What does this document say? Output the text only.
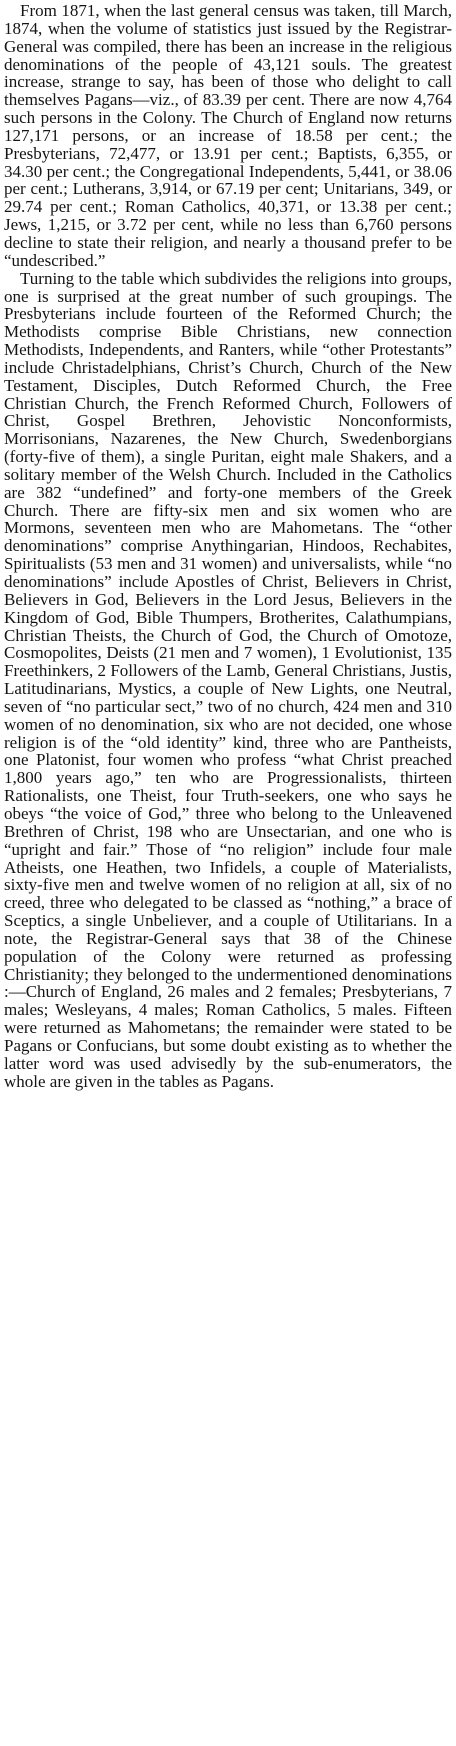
From 1871, when the last general census was taken, till March, 1874, when the volume of statistics just issued by the Registrar-General was compiled, there has been an increase in the religious denominations of the people of 43,121 souls. The greatest increase, strange to say, has been of those who delight to call themselves Pagans—viz., of 83.39 per cent. There are now 4,764 such persons in the Colony. The Church of England now returns 127,171 persons, or an increase of 18.58 per cent.; the Presbyterians, 72,477, or 13.91 per cent.; Baptists, 6,355, or 34.30 per cent.; the Congregational Independents, 5,441, or 38.06 per cent.; Lutherans, 3,914, or 67.19 per cent; Unitarians, 349, or 29.74 per cent.; Roman Catholics, 40,371, or 13.38 per cent.; Jews, 1,215, or 3.72 per cent, while no less than 6,760 persons decline to state their religion, and nearly a thousand prefer to be “undescribed.”

Turning to the table which subdivides the religions into groups, one is surprised at the great number of such groupings. The Presbyterians include fourteen of the Reformed Church; the Methodists comprise Bible Christians, new connection Methodists, Independents, and Ranters, while “other Protestants” include Christadelphians, Christ’s Church, Church of the New Testament, Disciples, Dutch Reformed Church, the Free Christian Church, the French Reformed Church, Followers of Christ, Gospel Brethren, Jehovistic Nonconformists, Morrisonians, Nazarenes, the New Church, Swedenborgians (forty-five of them), a single Puritan, eight male Shakers, and a solitary member of the Welsh Church. Included in the Catholics are 382 “undefined” and forty-one members of the Greek Church. There are fifty-six men and six women who are Mormons, seventeen men who are Mahometans. The “other denominations” comprise Anythingarian, Hindoos, Rechabites, Spiritualists (53 men and 31 women) and universalists, while “no denominations” include Apostles of Christ, Believers in Christ, Believers in God, Believers in the Lord Jesus, Believers in the Kingdom of God, Bible Thumpers, Brotherites, Calathumpians, Christian Theists, the Church of God, the Church of Omotoze, Cosmopolites, Deists (21 men and 7 women), 1 Evolutionist, 135 Freethinkers, 2 Followers of the Lamb, General Christians, Justis, Latitudinarians, Mystics, a couple of New Lights, one Neutral, seven of “no particular sect,” two of no church, 424 men and 310 women of no denomination, six who are not decided, one whose religion is of the “old identity” kind, three who are Pantheists, one Platonist, four women who profess “what Christ preached 1,800 years ago,” ten who are Progressionalists, thirteen Rationalists, one Theist, four Truth-seekers, one who says he obeys “the voice of God,” three who belong to the Unleavened Brethren of Christ, 198 who are Unsectarian, and one who is “upright and fair.” Those of “no religion” include four male Atheists, one Heathen, two Infidels, a couple of Materialists, sixty-five men and twelve women of no religion at all, six of no creed, three who delegated to be classed as “nothing,” a brace of Sceptics, a single Unbeliever, and a couple of Utilitarians. In a note, the Registrar-General says that 38 of the Chinese population of the Colony were returned as professing Christianity; they belonged to the undermentioned denominations :—Church of England, 26 males and 2 females; Presbyterians, 7 males; Wesleyans, 4 males; Roman Catholics, 5 males. Fifteen were returned as Mahometans; the remainder were stated to be Pagans or Confucians, but some doubt existing as to whether the latter word was used advisedly by the sub-enumerators, the whole are given in the tables as Pagans.
